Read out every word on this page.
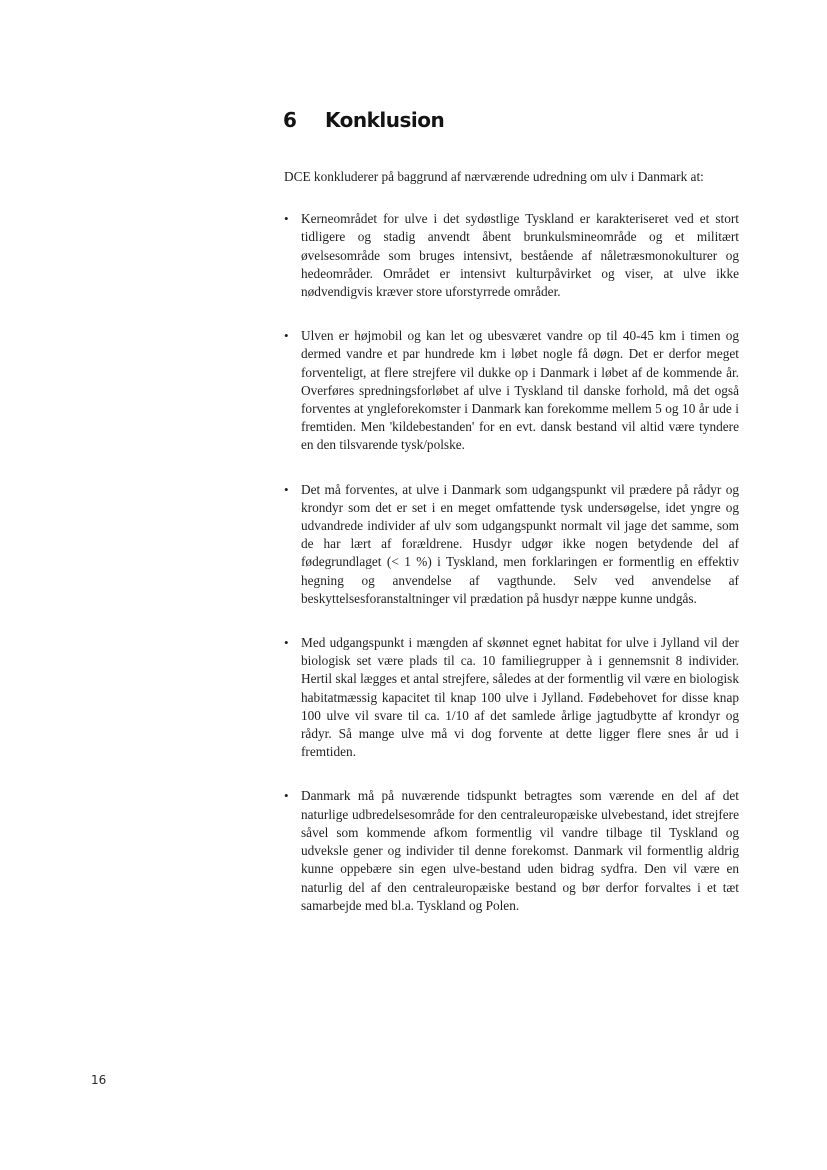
6 Konklusion

DCE konkluderer på baggrund af nærværende udredning om ulv i Danmark at:

• Kerneområdet for ulve i det sydøstlige Tyskland er karakteriseret ved et stort tidligere og stadig anvendt åbent brunkulsmineområde og et militært øvelsesområde som bruges intensivt, bestående af nåletræsmonokulturer og hedeområder. Området er intensivt kulturpåvirket og viser, at ulve ikke nødvendigvis kræver store uforstyrrede områder.
• Ulven er højmobil og kan let og ubesværet vandre op til 40-45 km i timen og dermed vandre et par hundrede km i løbet nogle få døgn. Det er derfor meget forventeligt, at flere strejfere vil dukke op i Danmark i løbet af de kommende år. Overføres spredningsforløbet af ulve i Tyskland til danske forhold, må det også forventes at yngleforekomster i Danmark kan forekomme mellem 5 og 10 år ude i fremtiden. Men 'kildebestanden' for en evt. dansk bestand vil altid være tyndere en den tilsvarende tysk/polske.
• Det må forventes, at ulve i Danmark som udgangspunkt vil prædere på rådyr og krondyr som det er set i en meget omfattende tysk undersøgelse, idet yngre og udvandrede individer af ulv som udgangspunkt normalt vil jage det samme, som de har lært af forældrene. Husdyr udgør ikke nogen betydende del af fødegrundlaget (< 1 %) i Tyskland, men forklaringen er formentlig en effektiv hegning og anvendelse af vagthunde. Selv ved anvendelse af beskyttelsesforanstaltninger vil prædation på husdyr næppe kunne undgås.
• Med udgangspunkt i mængden af skønnet egnet habitat for ulve i Jylland vil der biologisk set være plads til ca. 10 familiegrupper à i gennemsnit 8 individer. Hertil skal lægges et antal strejfere, således at der formentlig vil være en biologisk habitatmæssig kapacitet til knap 100 ulve i Jylland. Fødebehovet for disse knap 100 ulve vil svare til ca. 1/10 af det samlede årlige jagtudbytte af krondyr og rådyr. Så mange ulve må vi dog forvente at dette ligger flere snes år ud i fremtiden.
• Danmark må på nuværende tidspunkt betragtes som værende en del af det naturlige udbredelsesområde for den centraleuropæiske ulvebestand, idet strejfere såvel som kommende afkom formentlig vil vandre tilbage til Tyskland og udveksle gener og individer til denne forekomst. Danmark vil formentlig aldrig kunne oppebære sin egen ulve-bestand uden bidrag sydfra. Den vil være en naturlig del af den centraleuropæiske bestand og bør derfor forvaltes i et tæt samarbejde med bl.a. Tyskland og Polen.
16
